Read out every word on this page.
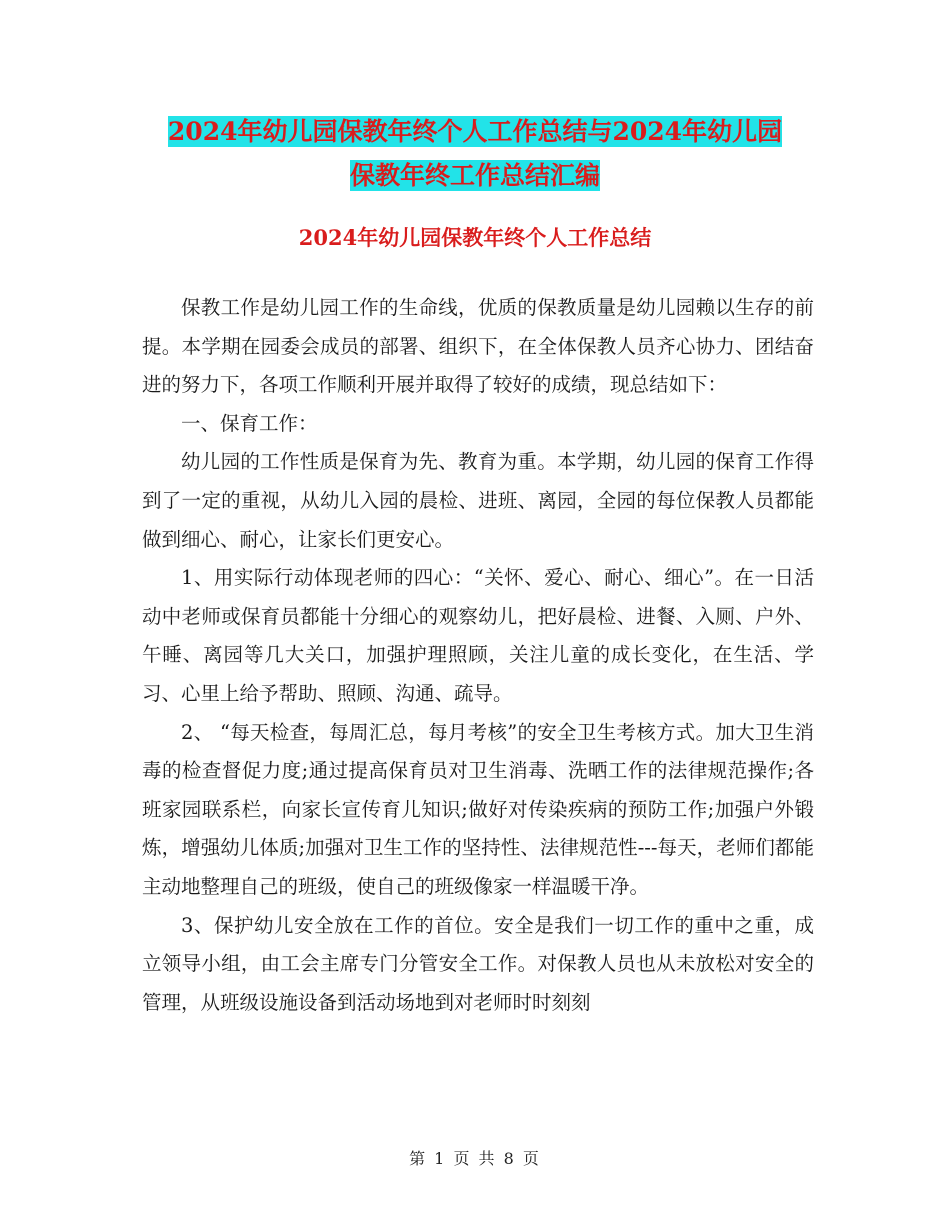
2024年幼儿园保教年终个人工作总结与2024年幼儿园
保教年终工作总结汇编
2024年幼儿园保教年终个人工作总结

保教工作是幼儿园工作的生命线，优质的保教质量是幼儿园赖以生存的前提。本学期在园委会成员的部署、组织下，在全体保教人员齐心协力、团结奋进的努力下，各项工作顺利开展并取得了较好的成绩，现总结如下：

一、保育工作：

幼儿园的工作性质是保育为先、教育为重。本学期，幼儿园的保育工作得到了一定的重视，从幼儿入园的晨检、进班、离园，全园的每位保教人员都能做到细心、耐心，让家长们更安心。

1、用实际行动体现老师的四心：“关怀、爱心、耐心、细心”。在一日活动中老师或保育员都能十分细心的观察幼儿，把好晨检、进餐、入厕、户外、午睡、离园等几大关口，加强护理照顾，关注儿童的成长变化，在生活、学习、心里上给予帮助、照顾、沟通、疏导。

2、 “每天检查，每周汇总，每月考核”的安全卫生考核方式。加大卫生消毒的检查督促力度;通过提高保育员对卫生消毒、洗晒工作的法律规范操作;各班家园联系栏，向家长宣传育儿知识;做好对传染疾病的预防工作;加强户外锻炼，增强幼儿体质;加强对卫生工作的坚持性、法律规范性---每天，老师们都能主动地整理自己的班级，使自己的班级像家一样温暖干净。

3、保护幼儿安全放在工作的首位。安全是我们一切工作的重中之重，成立领导小组，由工会主席专门分管安全工作。对保教人员也从未放松对安全的管理，从班级设施设备到活动场地到对老师时时刻刻

第 1 页 共 8 页
